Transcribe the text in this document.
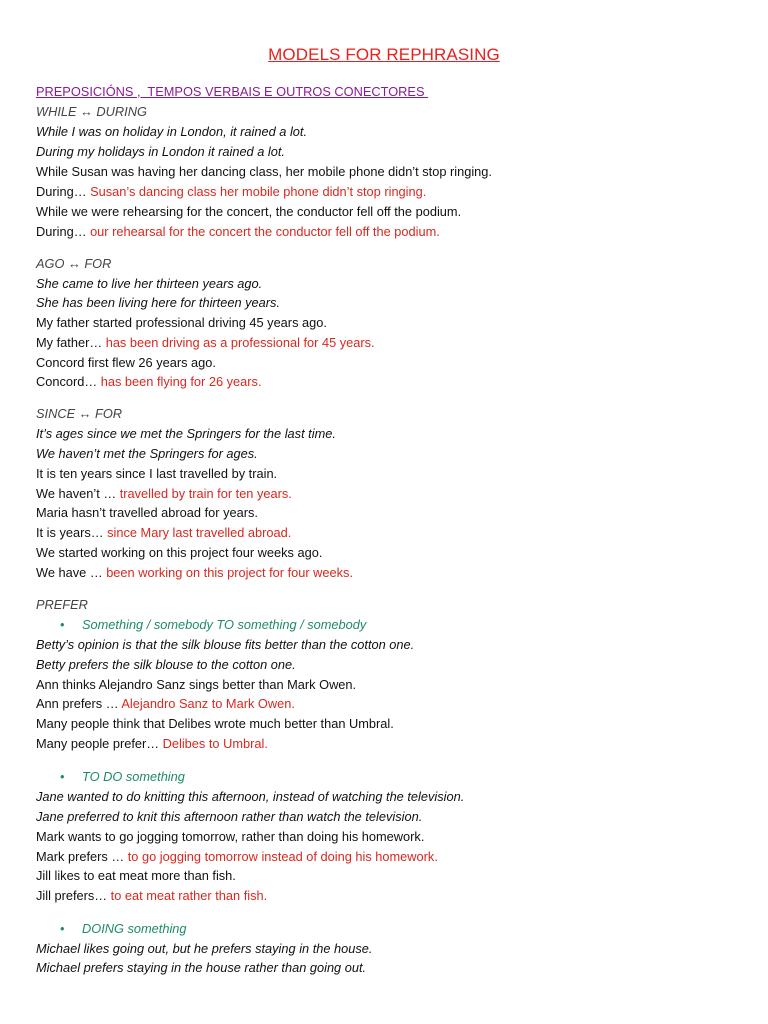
MODELS FOR REPHRASING
PREPOSICIÓNS ,  TEMPOS VERBAIS E OUTROS CONECTORES
WHILE ↔ DURING
While I was on holiday in London, it rained a lot.
During my holidays in London it rained a lot.
While Susan was having her dancing class, her mobile phone didn’t stop ringing.
During… Susan’s dancing class her mobile phone didn’t stop ringing.
While we were rehearsing for the concert, the conductor fell off the podium.
During… our rehearsal for the concert the conductor fell off the podium.
AGO ↔ FOR
She came to live her thirteen years ago.
She has been living here for thirteen years.
My father started professional driving 45 years ago.
My father… has been driving as a professional for 45 years.
Concord first flew 26 years ago.
Concord… has been flying for 26 years.
SINCE ↔ FOR
It’s ages since we met the Springers for the last time.
We haven’t met the Springers for ages.
It is ten years since I last travelled by train.
We haven’t … travelled by train for ten years.
Maria hasn’t travelled abroad for years.
It is years… since Mary last travelled abroad.
We started working on this project four weeks ago.
We have … been working on this project for four weeks.
PREFER
• Something / somebody TO something / somebody
Betty’s opinion is that the silk blouse fits better than the cotton one.
Betty prefers the silk blouse to the cotton one.
Ann thinks Alejandro Sanz sings better than Mark Owen.
Ann prefers … Alejandro Sanz to Mark Owen.
Many people think that Delibes wrote much better than Umbral.
Many people prefer… Delibes to Umbral.
• TO DO something
Jane wanted to do knitting this afternoon, instead of watching the television.
Jane preferred to knit this afternoon rather than watch the television.
Mark wants to go jogging tomorrow, rather than doing his homework.
Mark prefers … to go jogging tomorrow instead of doing his homework.
Jill likes to eat meat more than fish.
Jill prefers… to eat meat rather than fish.
• DOING something
Michael likes going out, but he prefers staying in the house.
Michael prefers staying in the house rather than going out.
